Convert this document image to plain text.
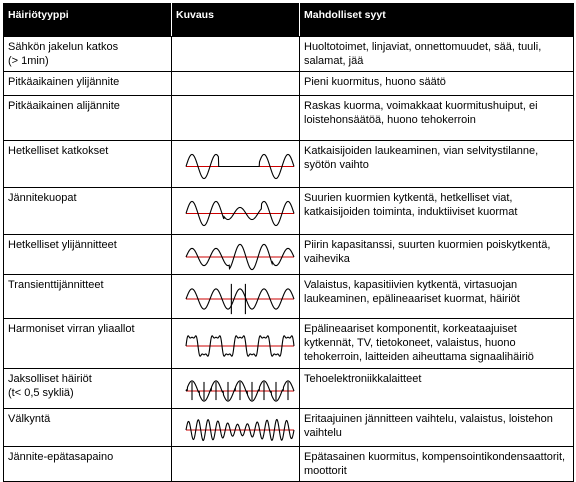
Häiriötyyppi	Kuvaus	Mahdolliset syyt

Sähkön jakelun katkos
(> 1min)		Huoltotoimet, linjaviat, onnettomuudet, sää, tuuli, salamat, jää

Pitkäaikainen ylijännite		Pieni kuormitus, huono säätö

Pitkäaikainen alijännite		Raskas kuorma, voimakkaat kuormitushuiput, ei loistehonsäätöä, huono tehokerroin

Hetkelliset katkokset		Katkaisijoiden laukeaminen, vian selvitystilanne, syötön vaihto

Jännitekuopat		Suurien kuormien kytkentä, hetkelliset viat, katkaisijoiden toiminta, induktiiviset kuormat

Hetkelliset ylijännitteet		Piirin kapasitanssi, suurten kuormien poiskytkentä, vaihevika

Transienttijännitteet		Valaistus, kapasitiivien kytkentä, virtasuojan laukeaminen, epälineaariset kuormat, häiriöt

Harmoniset virran yliaallot		Epälineaariset komponentit, korkeataajuiset kytkennät, TV, tietokoneet, valaistus, huono tehokerroin, laitteiden aiheuttama signaalihäiriö

Jaksolliset häiriöt
(t< 0,5 sykliä)		Tehoelektroniikkalaitteet

Välkyntä		Eritaajuinen jännitteen vaihtelu, valaistus, loistehon vaihtelu

Jännite-epätasapaino		Epätasainen kuormitus, kompensointikondensaattorit, moottorit
